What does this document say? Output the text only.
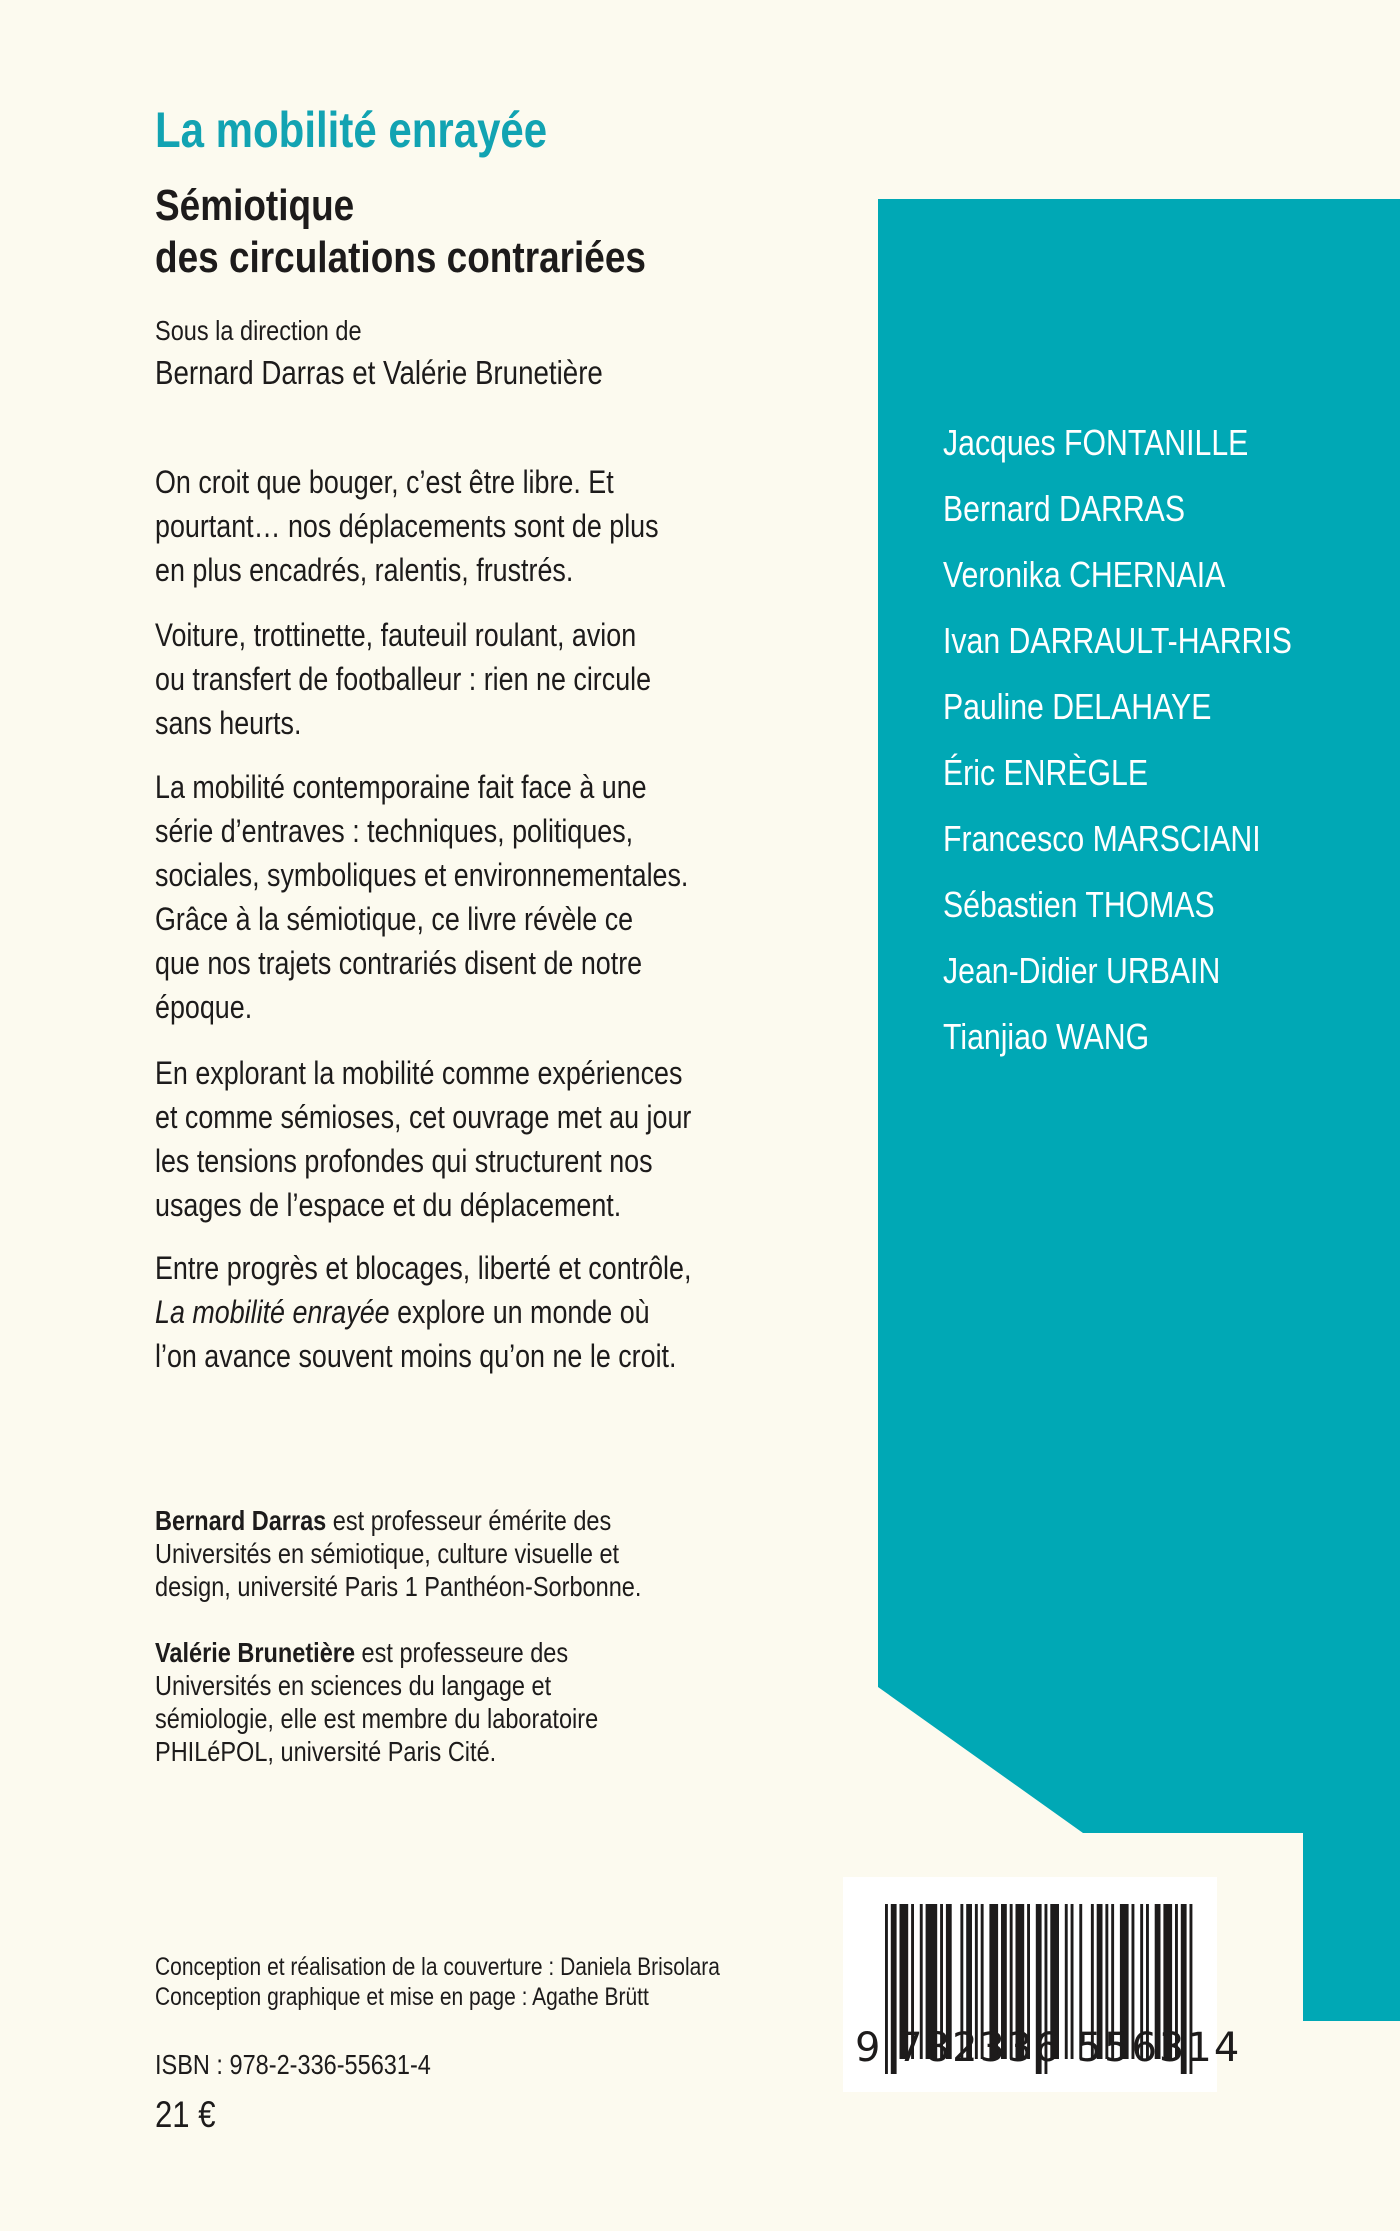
La mobilité enrayée
Sémiotique
des circulations contrariées
Sous la direction de
Bernard Darras et Valérie Brunetière
On croit que bouger, c’est être libre. Et
pourtant… nos déplacements sont de plus
en plus encadrés, ralentis, frustrés.
Voiture, trottinette, fauteuil roulant, avion
ou transfert de footballeur : rien ne circule
sans heurts.
La mobilité contemporaine fait face à une
série d’entraves : techniques, politiques,
sociales, symboliques et environnementales.
Grâce à la sémiotique, ce livre révèle ce
que nos trajets contrariés disent de notre
époque.
En explorant la mobilité comme expériences
et comme sémioses, cet ouvrage met au jour
les tensions profondes qui structurent nos
usages de l’espace et du déplacement.
Entre progrès et blocages, liberté et contrôle,
La mobilité enrayée explore un monde où
l’on avance souvent moins qu’on ne le croit.
Bernard Darras est professeur émérite des
Universités en sémiotique, culture visuelle et
design, université Paris 1 Panthéon-Sorbonne.
Valérie Brunetière est professeure des
Universités en sciences du langage et
sémiologie, elle est membre du laboratoire
PHILéPOL, université Paris Cité.
Jacques FONTANILLE
Bernard DARRAS
Veronika CHERNAIA
Ivan DARRAULT-HARRIS
Pauline DELAHAYE
Éric ENRÈGLE
Francesco MARSCIANI
Sébastien THOMAS
Jean-Didier URBAIN
Tianjiao WANG
Conception et réalisation de la couverture : Daniela Brisolara
Conception graphique et mise en page : Agathe Brütt
ISBN : 978-2-336-55631-4
21 €
9 782336 556314
